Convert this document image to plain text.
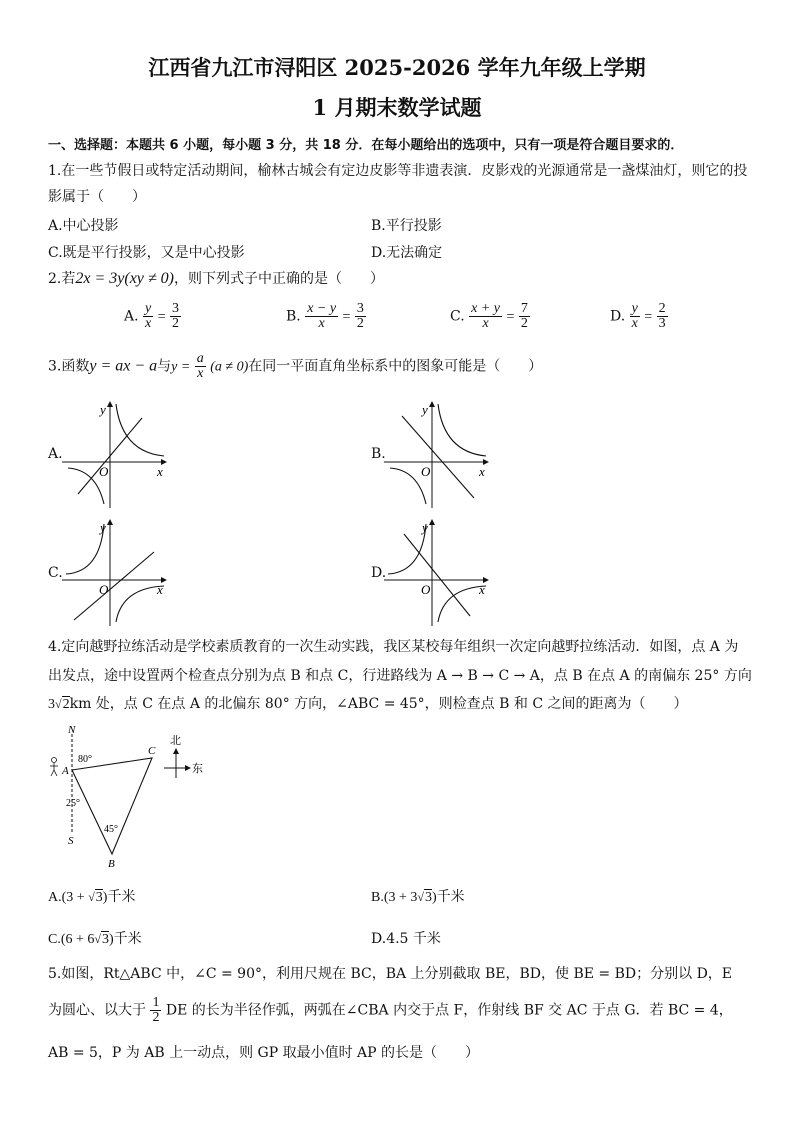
江西省九江市浔阳区 2025-2026 学年九年级上学期
1 月期末数学试题
一、选择题：本题共 6 小题，每小题 3 分，共 18 分．在每小题给出的选项中，只有一项是符合题目要求的．
1.在一些节假日或特定活动期间，榆林古城会有定边皮影等非遗表演．皮影戏的光源通常是一盏煤油灯，则它的投
影属于（　　）
A.中心投影	B.平行投影
C.既是平行投影，又是中心投影	D.无法确定
2.若2x = 3y(xy ≠ 0)，则下列式子中正确的是（　　）
A. $\frac{y}{x} = \frac{3}{2}$	B. $\frac{x - y}{x} = \frac{3}{2}$	C. $\frac{x + y}{x} = \frac{7}{2}$	D. $\frac{y}{x} = \frac{2}{3}$
3.函数y = ax − a与$y = \frac{a}{x} (a \ne 0)$在同一平面直角坐标系中的图象可能是（　　）
A.	B.
C.	D.
y
x
O
y
x
O
y
x
O
y
x
O
4.定向越野拉练活动是学校素质教育的一次生动实践，我区某校每年组织一次定向越野拉练活动．如图，点 A 为
出发点，途中设置两个检查点分别为点 B 和点 C，行进路线为 A → B → C → A，点 B 在点 A 的南偏东 25° 方向
3√2km 处，点 C 在点 A 的北偏东 80° 方向，∠ABC = 45°，则检查点 B 和 C 之间的距离为（　　）
N
S
A
B
C
80°
25°
45°
北
东
A.(3 + √3)千米	B.(3 + 3√3)千米
C.(6 + 6√3)千米	D.4.5 千米
5.如图，Rt△ABC 中，∠C = 90°，利用尺规在 BC，BA 上分别截取 BE，BD，使 BE = BD；分别以 D，E
为圆心、以大于 $\frac{1}{2}$ DE 的长为半径作弧，两弧在∠CBA 内交于点 F，作射线 BF 交 AC 于点 G．若 BC = 4，
AB = 5，P 为 AB 上一动点，则 GP 取最小值时 AP 的长是（　　）
